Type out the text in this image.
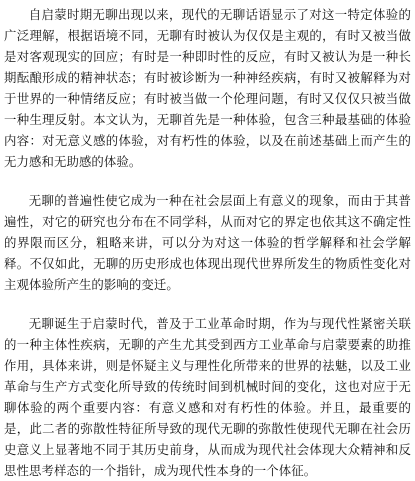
自启蒙时期无聊出现以来，现代的无聊话语显示了对这一特定体验的广泛理解，根据语境不同，无聊有时被认为仅仅是主观的，有时又被当做是对客观现实的回应；有时是一种即时性的反应，有时又被认为是一种长期酝酿形成的精神状态；有时被诊断为一种神经疾病，有时又被解释为对于世界的一种情绪反应；有时被当做一个伦理问题，有时又仅仅只被当做一种生理反射。本文认为，无聊首先是一种体验，包含三种最基础的体验内容：对无意义感的体验，对有朽性的体验，以及在前述基础上而产生的无力感和无助感的体验。

无聊的普遍性使它成为一种在社会层面上有意义的现象，而由于其普遍性，对它的研究也分布在不同学科，从而对它的界定也依其这不确定性的界限而区分，粗略来讲，可以分为对这一体验的哲学解释和社会学解释。不仅如此，无聊的历史形成也体现出现代世界所发生的物质性变化对主观体验所产生的影响的变迁。

无聊诞生于启蒙时代，普及于工业革命时期，作为与现代性紧密关联的一种主体性疾病，无聊的产生尤其受到西方工业革命与启蒙要素的助推作用，具体来讲，则是怀疑主义与理性化所带来的世界的祛魅，以及工业革命与生产方式变化所导致的传统时间到机械时间的变化，这也对应于无聊体验的两个重要内容：有意义感和对有朽性的体验。并且，最重要的是，此二者的弥散性特征所导致的现代无聊的弥散性使现代无聊在社会历史意义上显著地不同于其历史前身，从而成为现代社会体现大众精神和反思性思考样态的一个指针，成为现代性本身的一个体征。
